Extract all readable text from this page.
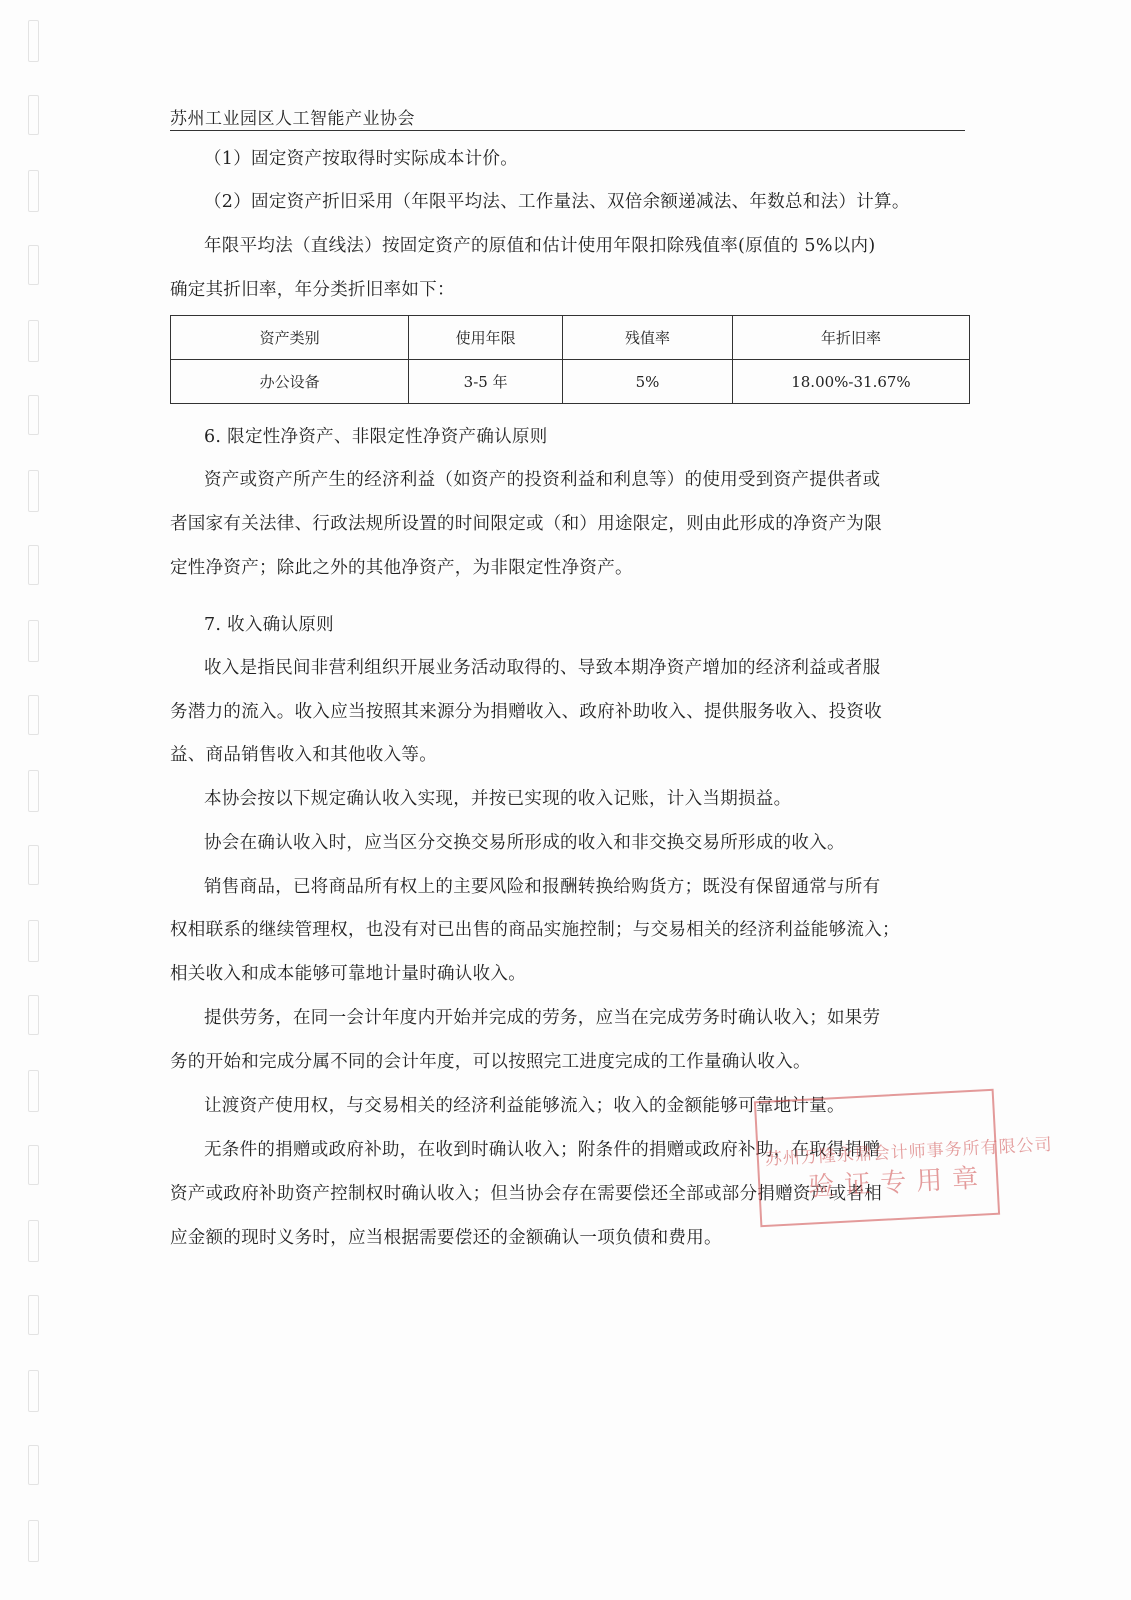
苏州工业园区人工智能产业协会
（1）固定资产按取得时实际成本计价。
（2）固定资产折旧采用（年限平均法、工作量法、双倍余额递减法、年数总和法）计算。
年限平均法（直线法）按固定资产的原值和估计使用年限扣除残值率(原值的 5%以内)
确定其折旧率，年分类折旧率如下：
资产类别	使用年限	残值率	年折旧率
办公设备	3-5 年	5%	18.00%-31.67%
6. 限定性净资产、非限定性净资产确认原则
资产或资产所产生的经济利益（如资产的投资利益和利息等）的使用受到资产提供者或
者国家有关法律、行政法规所设置的时间限定或（和）用途限定，则由此形成的净资产为限
定性净资产；除此之外的其他净资产，为非限定性净资产。
7. 收入确认原则
收入是指民间非营利组织开展业务活动取得的、导致本期净资产增加的经济利益或者服
务潜力的流入。收入应当按照其来源分为捐赠收入、政府补助收入、提供服务收入、投资收
益、商品销售收入和其他收入等。
本协会按以下规定确认收入实现，并按已实现的收入记账，计入当期损益。
协会在确认收入时，应当区分交换交易所形成的收入和非交换交易所形成的收入。
销售商品，已将商品所有权上的主要风险和报酬转换给购货方；既没有保留通常与所有
权相联系的继续管理权，也没有对已出售的商品实施控制；与交易相关的经济利益能够流入；
相关收入和成本能够可靠地计量时确认收入。
提供劳务，在同一会计年度内开始并完成的劳务，应当在完成劳务时确认收入；如果劳
务的开始和完成分属不同的会计年度，可以按照完工进度完成的工作量确认收入。
让渡资产使用权，与交易相关的经济利益能够流入；收入的金额能够可靠地计量。
无条件的捐赠或政府补助，在收到时确认收入；附条件的捐赠或政府补助，在取得捐赠
资产或政府补助资产控制权时确认收入；但当协会存在需要偿还全部或部分捐赠资产或者相
应金额的现时义务时，应当根据需要偿还的金额确认一项负债和费用。
苏州万隆永鼎会计师事务所有限公司
验证专用章
